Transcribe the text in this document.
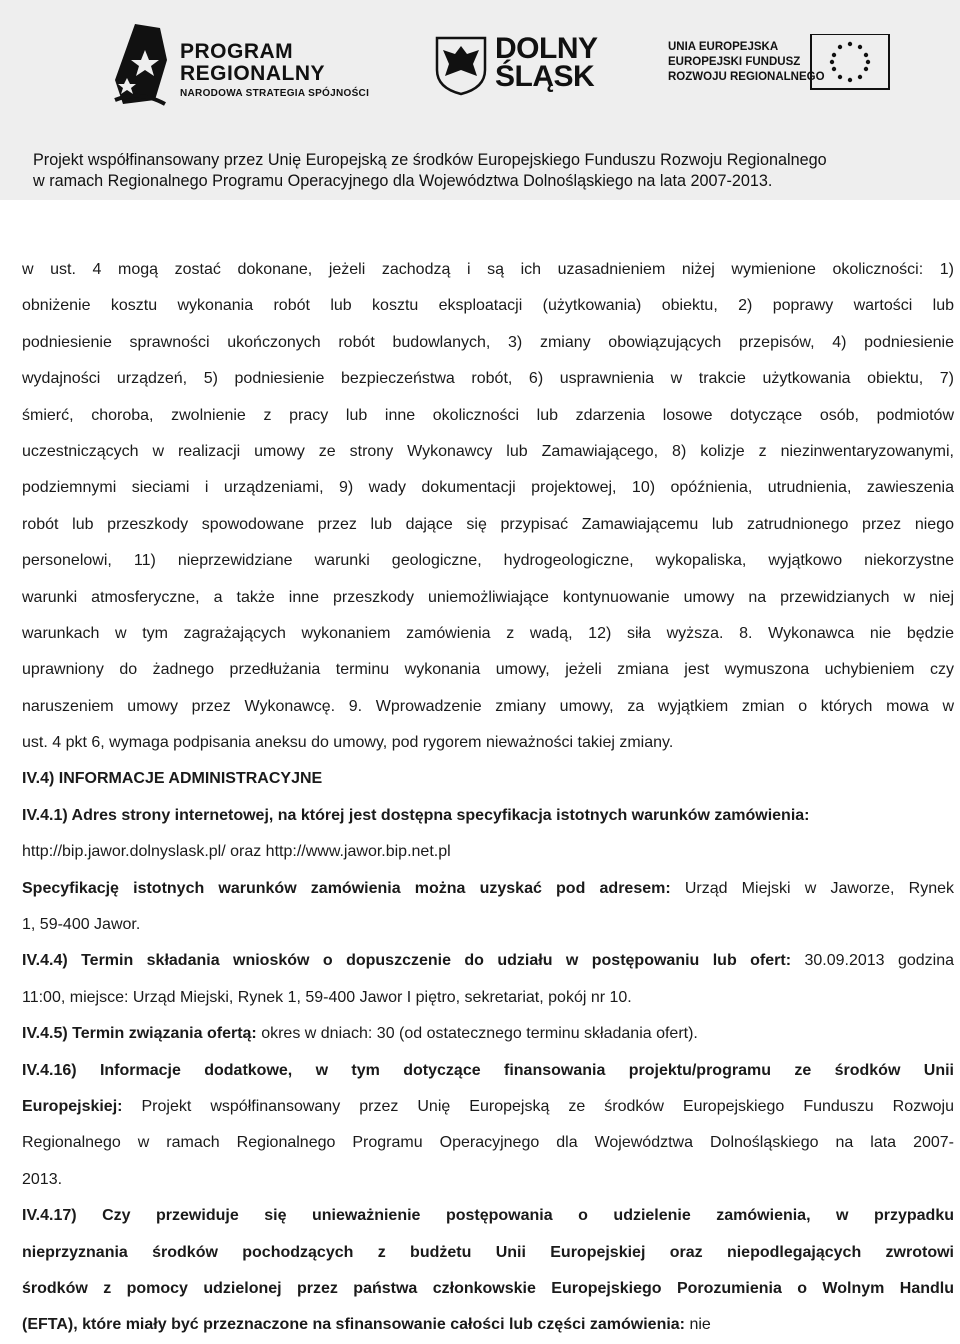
PROGRAM
REGIONALNY
NARODOWA STRATEGIA SPÓJNOŚCI
DOLNY
ŚLĄSK
UNIA EUROPEJSKA
EUROPEJSKI FUNDUSZ
ROZWOJU REGIONALNEGO
Projekt współfinansowany przez Unię Europejską ze środków Europejskiego Funduszu Rozwoju Regionalnego
w ramach Regionalnego Programu Operacyjnego dla Województwa Dolnośląskiego na lata 2007-2013.
w ust. 4 mogą zostać dokonane, jeżeli zachodzą i są ich uzasadnieniem niżej wymienione okoliczności: 1)
obniżenie kosztu wykonania robót lub kosztu eksploatacji (użytkowania) obiektu, 2) poprawy wartości lub
podniesienie sprawności ukończonych robót budowlanych, 3) zmiany obowiązujących przepisów, 4) podniesienie
wydajności urządzeń, 5) podniesienie bezpieczeństwa robót, 6) usprawnienia w trakcie użytkowania obiektu, 7)
śmierć, choroba, zwolnienie z pracy lub inne okoliczności lub zdarzenia losowe dotyczące osób, podmiotów
uczestniczących w realizacji umowy ze strony Wykonawcy lub Zamawiającego, 8) kolizje z niezinwentaryzowanymi,
podziemnymi sieciami i urządzeniami, 9) wady dokumentacji projektowej, 10) opóźnienia, utrudnienia, zawieszenia
robót lub przeszkody spowodowane przez lub dające się przypisać Zamawiającemu lub zatrudnionego przez niego
personelowi, 11) nieprzewidziane warunki geologiczne, hydrogeologiczne, wykopaliska, wyjątkowo niekorzystne
warunki atmosferyczne, a także inne przeszkody uniemożliwiające kontynuowanie umowy na przewidzianych w niej
warunkach w tym zagrażających wykonaniem zamówienia z wadą, 12) siła wyższa. 8. Wykonawca nie będzie
uprawniony do żadnego przedłużania terminu wykonania umowy, jeżeli zmiana jest wymuszona uchybieniem czy
naruszeniem umowy przez Wykonawcę. 9. Wprowadzenie zmiany umowy, za wyjątkiem zmian o których mowa w
ust. 4 pkt 6, wymaga podpisania aneksu do umowy, pod rygorem nieważności takiej zmiany.
IV.4) INFORMACJE ADMINISTRACYJNE
IV.4.1) Adres strony internetowej, na której jest dostępna specyfikacja istotnych warunków zamówienia:
http://bip.jawor.dolnyslask.pl/ oraz http://www.jawor.bip.net.pl
Specyfikację istotnych warunków zamówienia można uzyskać pod adresem: Urząd Miejski w Jaworze, Rynek
1, 59-400 Jawor.
IV.4.4) Termin składania wniosków o dopuszczenie do udziału w postępowaniu lub ofert: 30.09.2013 godzina
11:00, miejsce: Urząd Miejski, Rynek 1, 59-400 Jawor I piętro, sekretariat, pokój nr 10.
IV.4.5) Termin związania ofertą: okres w dniach: 30 (od ostatecznego terminu składania ofert).
IV.4.16) Informacje dodatkowe, w tym dotyczące finansowania projektu/programu ze środków Unii
Europejskiej: Projekt współfinansowany przez Unię Europejską ze środków Europejskiego Funduszu Rozwoju
Regionalnego w ramach Regionalnego Programu Operacyjnego dla Województwa Dolnośląskiego na lata 2007-
2013.
IV.4.17) Czy przewiduje się unieważnienie postępowania o udzielenie zamówienia, w przypadku
nieprzyznania środków pochodzących z budżetu Unii Europejskiej oraz niepodlegających zwrotowi
środków z pomocy udzielonej przez państwa członkowskie Europejskiego Porozumienia o Wolnym Handlu
(EFTA), które miały być przeznaczone na sfinansowanie całości lub części zamówienia: nie
